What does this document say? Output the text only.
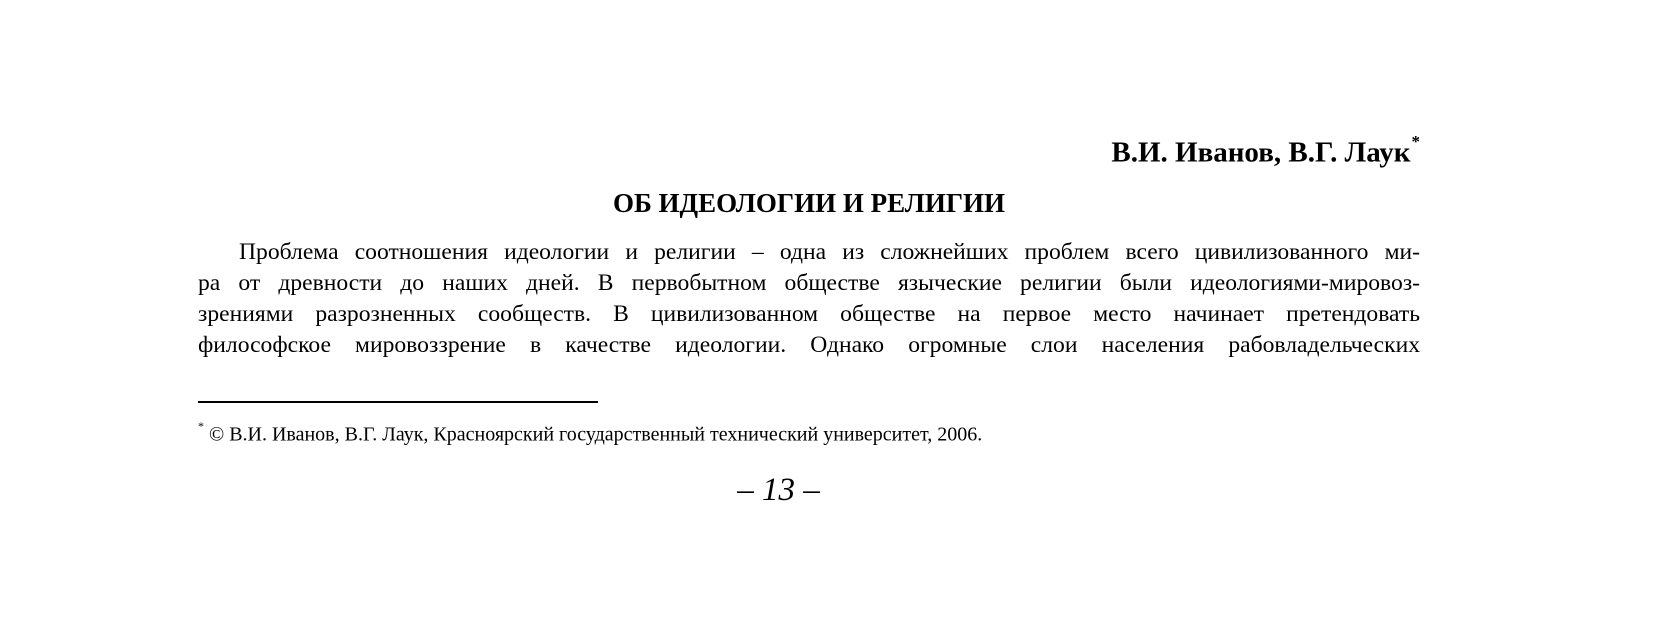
В.И. Иванов, В.Г. Лаук*
ОБ ИДЕОЛОГИИ И РЕЛИГИИ
Проблема соотношения идеологии и религии – одна из сложнейших проблем всего цивилизованного ми-
ра от древности до наших дней. В первобытном обществе языческие религии были идеологиями-мировоз-
зрениями разрозненных сообществ. В цивилизованном обществе на первое место начинает претендовать
философское мировоззрение в качестве идеологии. Однако огромные слои населения рабовладельческих
* © В.И. Иванов, В.Г. Лаук, Красноярский государственный технический университет, 2006.
– 13 –
